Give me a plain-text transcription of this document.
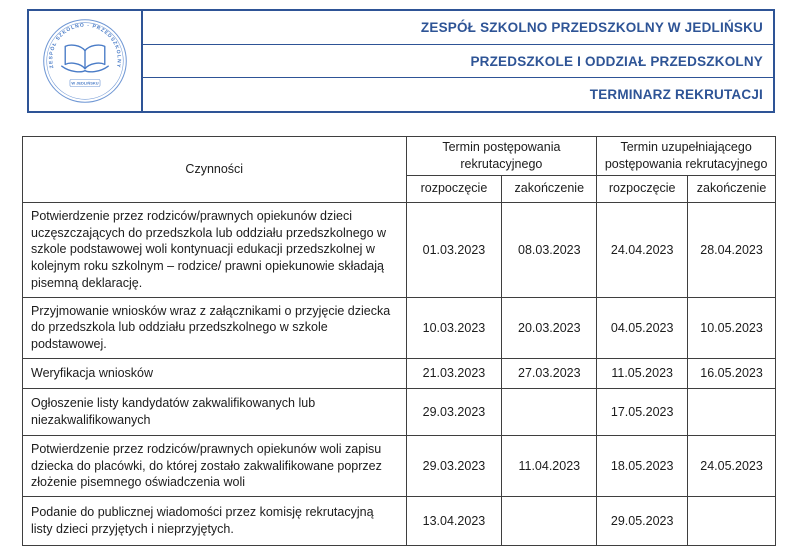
ZESPÓŁ SZKOLNO - PRZEDSZKOLNY
W JEDLIŃSKU
ZESPÓŁ SZKOLNO PRZEDSZKOLNY W JEDLIŃSKU
PRZEDSZKOLE I ODDZIAŁ PRZEDSZKOLNY
TERMINARZ REKRUTACJI
Czynności	Termin postępowania rekrutacyjnego		Termin uzupełniającego postępowania rekrutacyjnego	
	rozpoczęcie	zakończenie	rozpoczęcie	zakończenie
Potwierdzenie przez rodziców/prawnych opiekunów dzieci uczęszczających do przedszkola lub oddziału przedszkolnego w szkole podstawowej woli kontynuacji edukacji przedszkolnej w kolejnym roku szkolnym – rodzice/ prawni opiekunowie składają pisemną deklarację.	01.03.2023	08.03.2023	24.04.2023	28.04.2023
Przyjmowanie wniosków wraz z załącznikami o przyjęcie dziecka do przedszkola lub oddziału przedszkolnego w szkole podstawowej.	10.03.2023	20.03.2023	04.05.2023	10.05.2023
Weryfikacja wniosków	21.03.2023	27.03.2023	11.05.2023	16.05.2023
Ogłoszenie listy kandydatów zakwalifikowanych lub niezakwalifikowanych	29.03.2023		17.05.2023	
Potwierdzenie przez rodziców/prawnych opiekunów woli zapisu dziecka do placówki, do której zostało zakwalifikowane poprzez złożenie pisemnego oświadczenia woli	29.03.2023	11.04.2023	18.05.2023	24.05.2023
Podanie do publicznej wiadomości przez komisję rekrutacyjną listy dzieci przyjętych i nieprzyjętych.	13.04.2023		29.05.2023	
